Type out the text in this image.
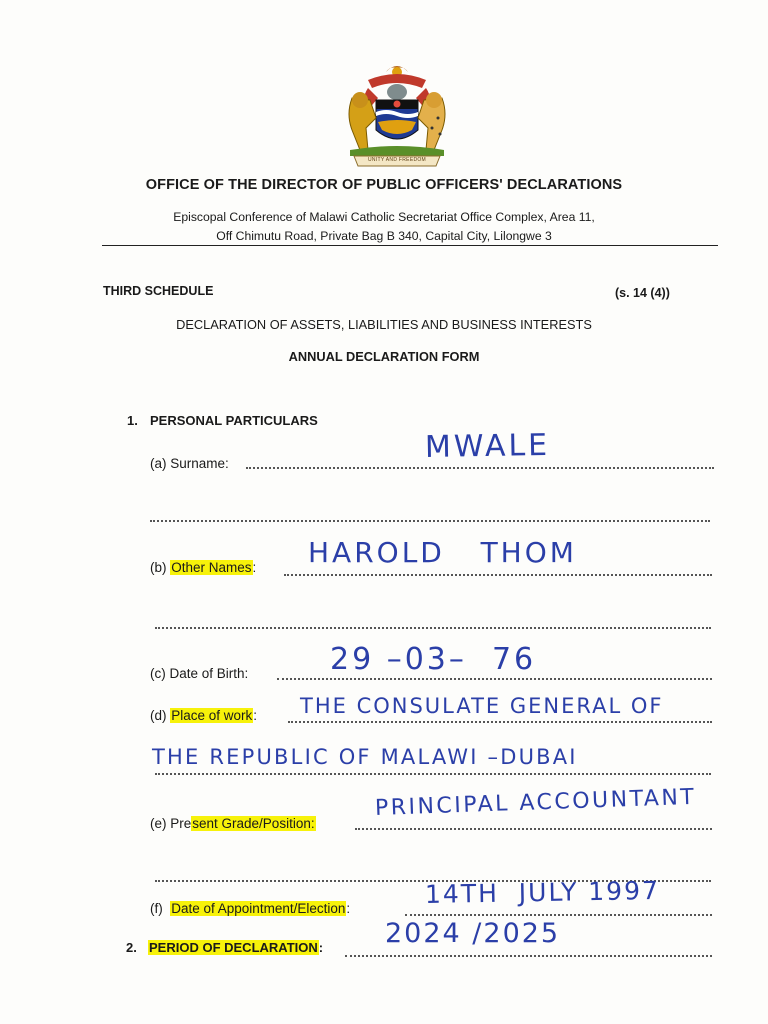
UNITY AND FREEDOM
OFFICE OF THE DIRECTOR OF PUBLIC OFFICERS' DECLARATIONS
Episcopal Conference of Malawi Catholic Secretariat Office Complex, Area 11,
Off Chimutu Road, Private Bag B 340, Capital City, Lilongwe 3
THIRD SCHEDULE	(s. 14 (4))
DECLARATION OF ASSETS, LIABILITIES AND BUSINESS INTERESTS
ANNUAL DECLARATION FORM
1. PERSONAL PARTICULARS
(a) Surname:	MWALE
(b) Other Names: HAROLD   THOM
(c) Date of Birth:	29 –03–  76
(d) Place of work: THE CONSULATE GENERAL OF
THE REPUBLIC OF MALAWI –DUBAI
(e) Present Grade/Position:
PRINCIPAL ACCOUNTANT
(f)  Date of Appointment/Election:	14TH  JULY 1997
2. PERIOD OF DECLARATION: 2024 /2025
